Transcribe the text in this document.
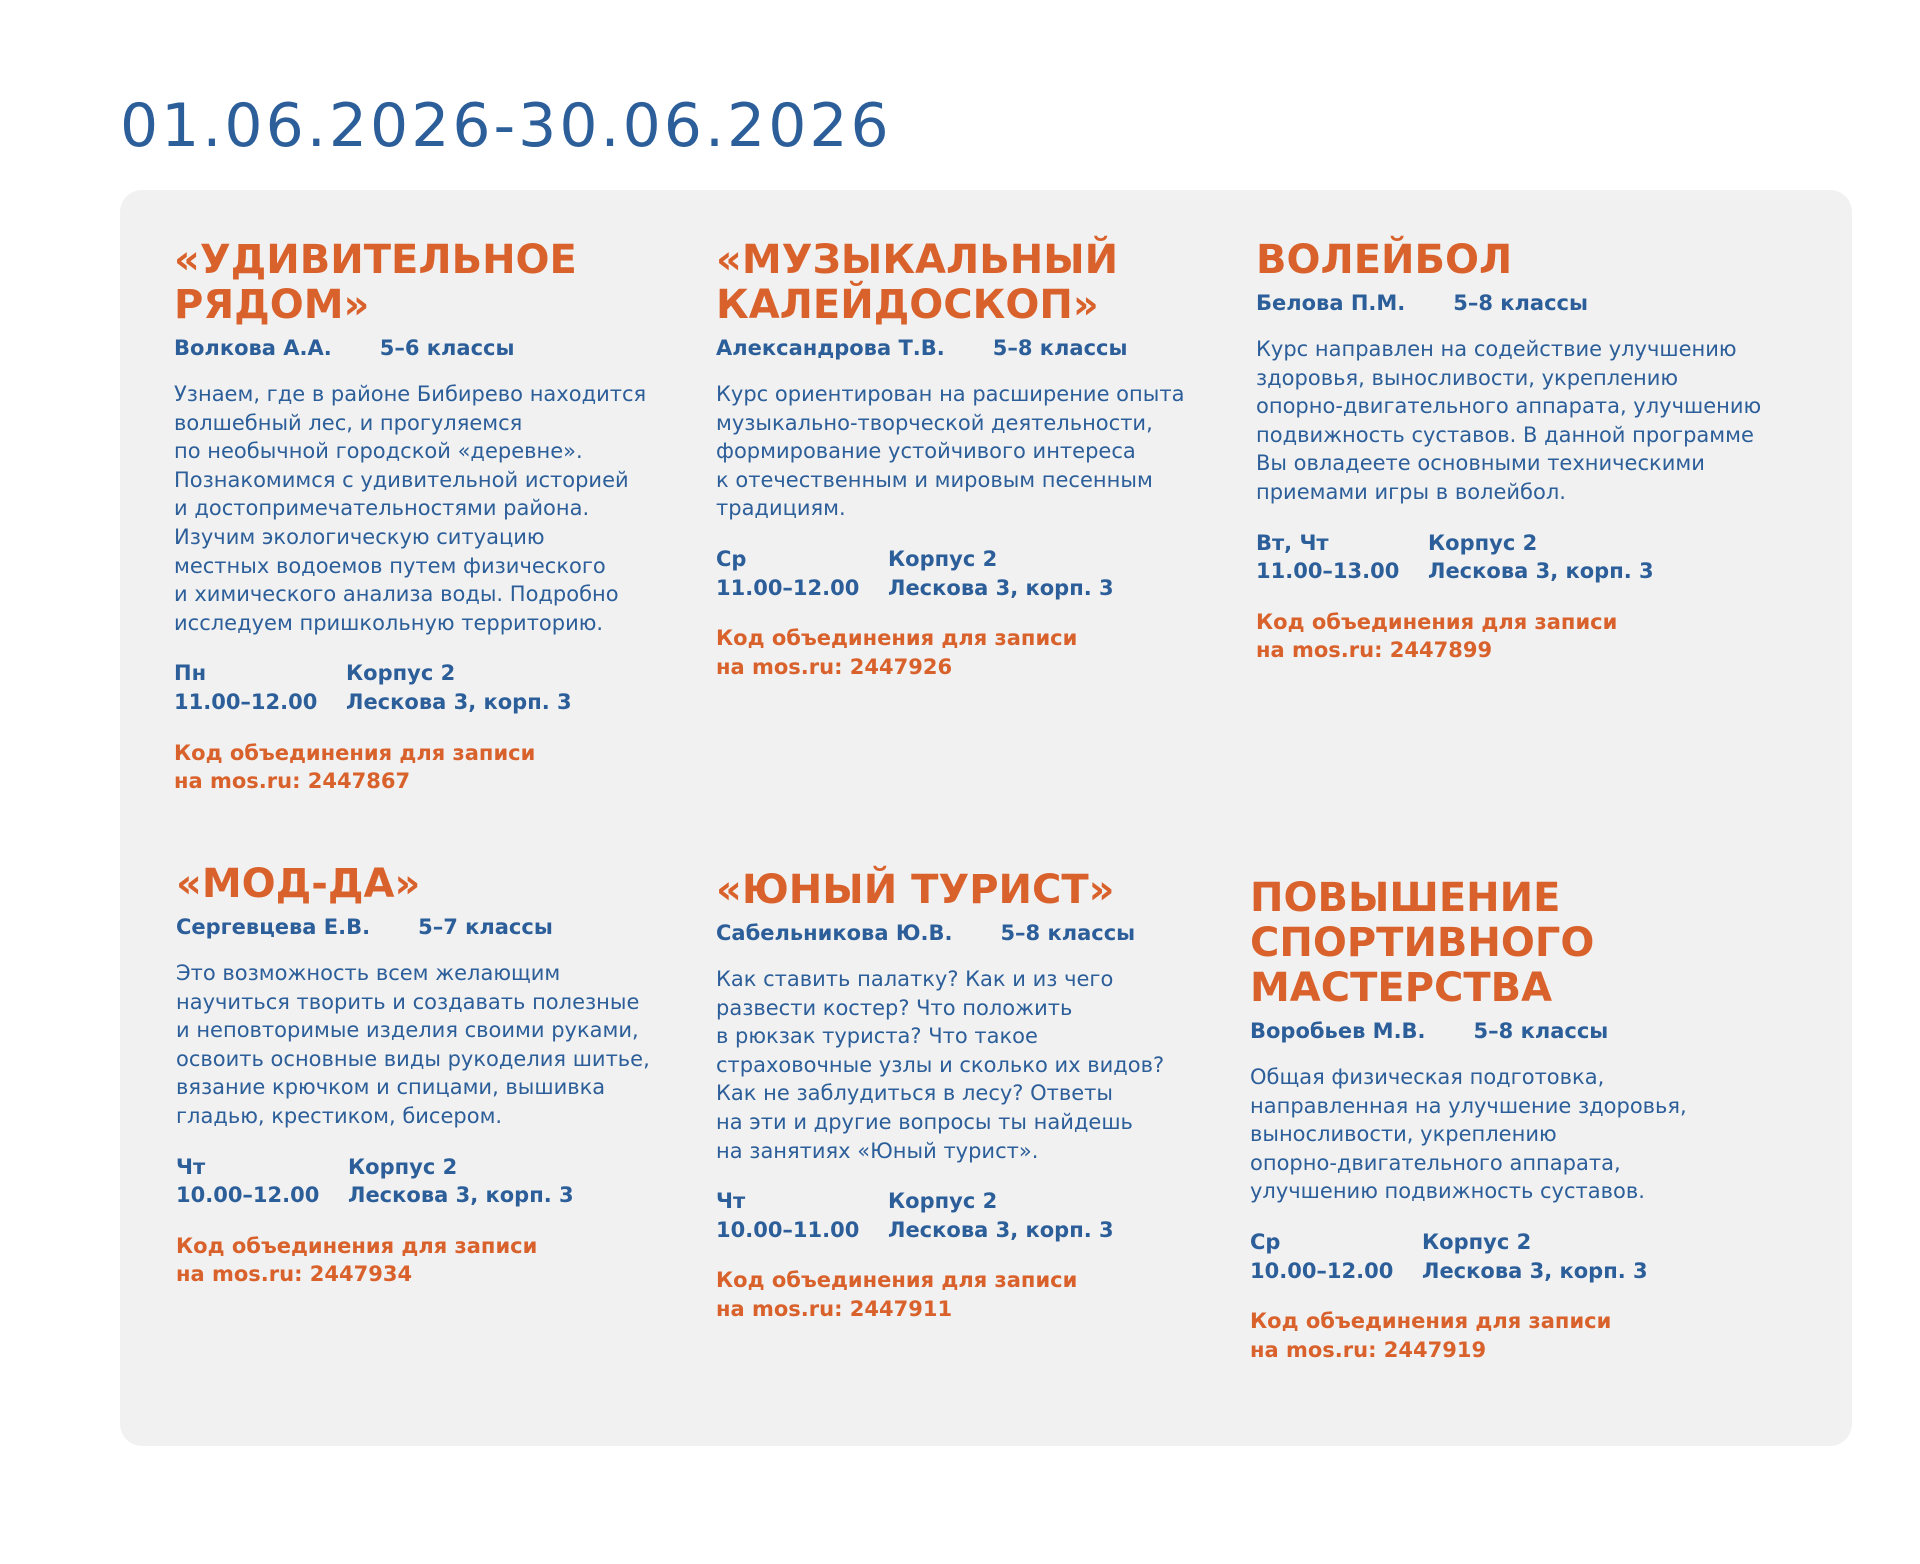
01.06.2026-30.06.2026
«УДИВИТЕЛЬНОЕ
РЯДОМ»
Волкова А.А. 5–6 классы
Узнаем, где в районе Бибирево находится
волшебный лес, и прогуляемся
по необычной городской «деревне».
Познакомимся с удивительной историей
и достопримечательностями района.
Изучим экологическую ситуацию
местных водоемов путем физического
и химического анализа воды. Подробно
исследуем пришкольную территорию.
Пн
11.00–12.00
Корпус 2
Лескова 3, корп. 3
Код объединения для записи
на mos.ru: 2447867
«МУЗЫКАЛЬНЫЙ
КАЛЕЙДОСКОП»
Александрова Т.В. 5–8 классы
Курс ориентирован на расширение опыта
музыкально-творческой деятельности,
формирование устойчивого интереса
к отечественным и мировым песенным
традициям.
Ср
11.00–12.00
Корпус 2
Лескова 3, корп. 3
Код объединения для записи
на mos.ru: 2447926
ВОЛЕЙБОЛ
Белова П.М. 5–8 классы
Курс направлен на содействие улучшению
здоровья, выносливости, укреплению
опорно-двигательного аппарата, улучшению
подвижность суставов. В данной программе
Вы овладеете основными техническими
приемами игры в волейбол.
Вт, Чт
11.00–13.00
Корпус 2
Лескова 3, корп. 3
Код объединения для записи
на mos.ru: 2447899
«МОД-ДА»
Сергевцева Е.В. 5–7 классы
Это возможность всем желающим
научиться творить и создавать полезные
и неповторимые изделия своими руками,
освоить основные виды рукоделия шитье,
вязание крючком и спицами, вышивка
гладью, крестиком, бисером.
Чт
10.00–12.00
Корпус 2
Лескова 3, корп. 3
Код объединения для записи
на mos.ru: 2447934
«ЮНЫЙ ТУРИСТ»
Сабельникова Ю.В. 5–8 классы
Как ставить палатку? Как и из чего
развести костер? Что положить
в рюкзак туриста? Что такое
страховочные узлы и сколько их видов?
Как не заблудиться в лесу? Ответы
на эти и другие вопросы ты найдешь
на занятиях «Юный турист».
Чт
10.00–11.00
Корпус 2
Лескова 3, корп. 3
Код объединения для записи
на mos.ru: 2447911
ПОВЫШЕНИЕ
СПОРТИВНОГО
МАСТЕРСТВА
Воробьев М.В. 5–8 классы
Общая физическая подготовка,
направленная на улучшение здоровья,
выносливости, укреплению
опорно-двигательного аппарата,
улучшению подвижность суставов.
Ср
10.00–12.00
Корпус 2
Лескова 3, корп. 3
Код объединения для записи
на mos.ru: 2447919
